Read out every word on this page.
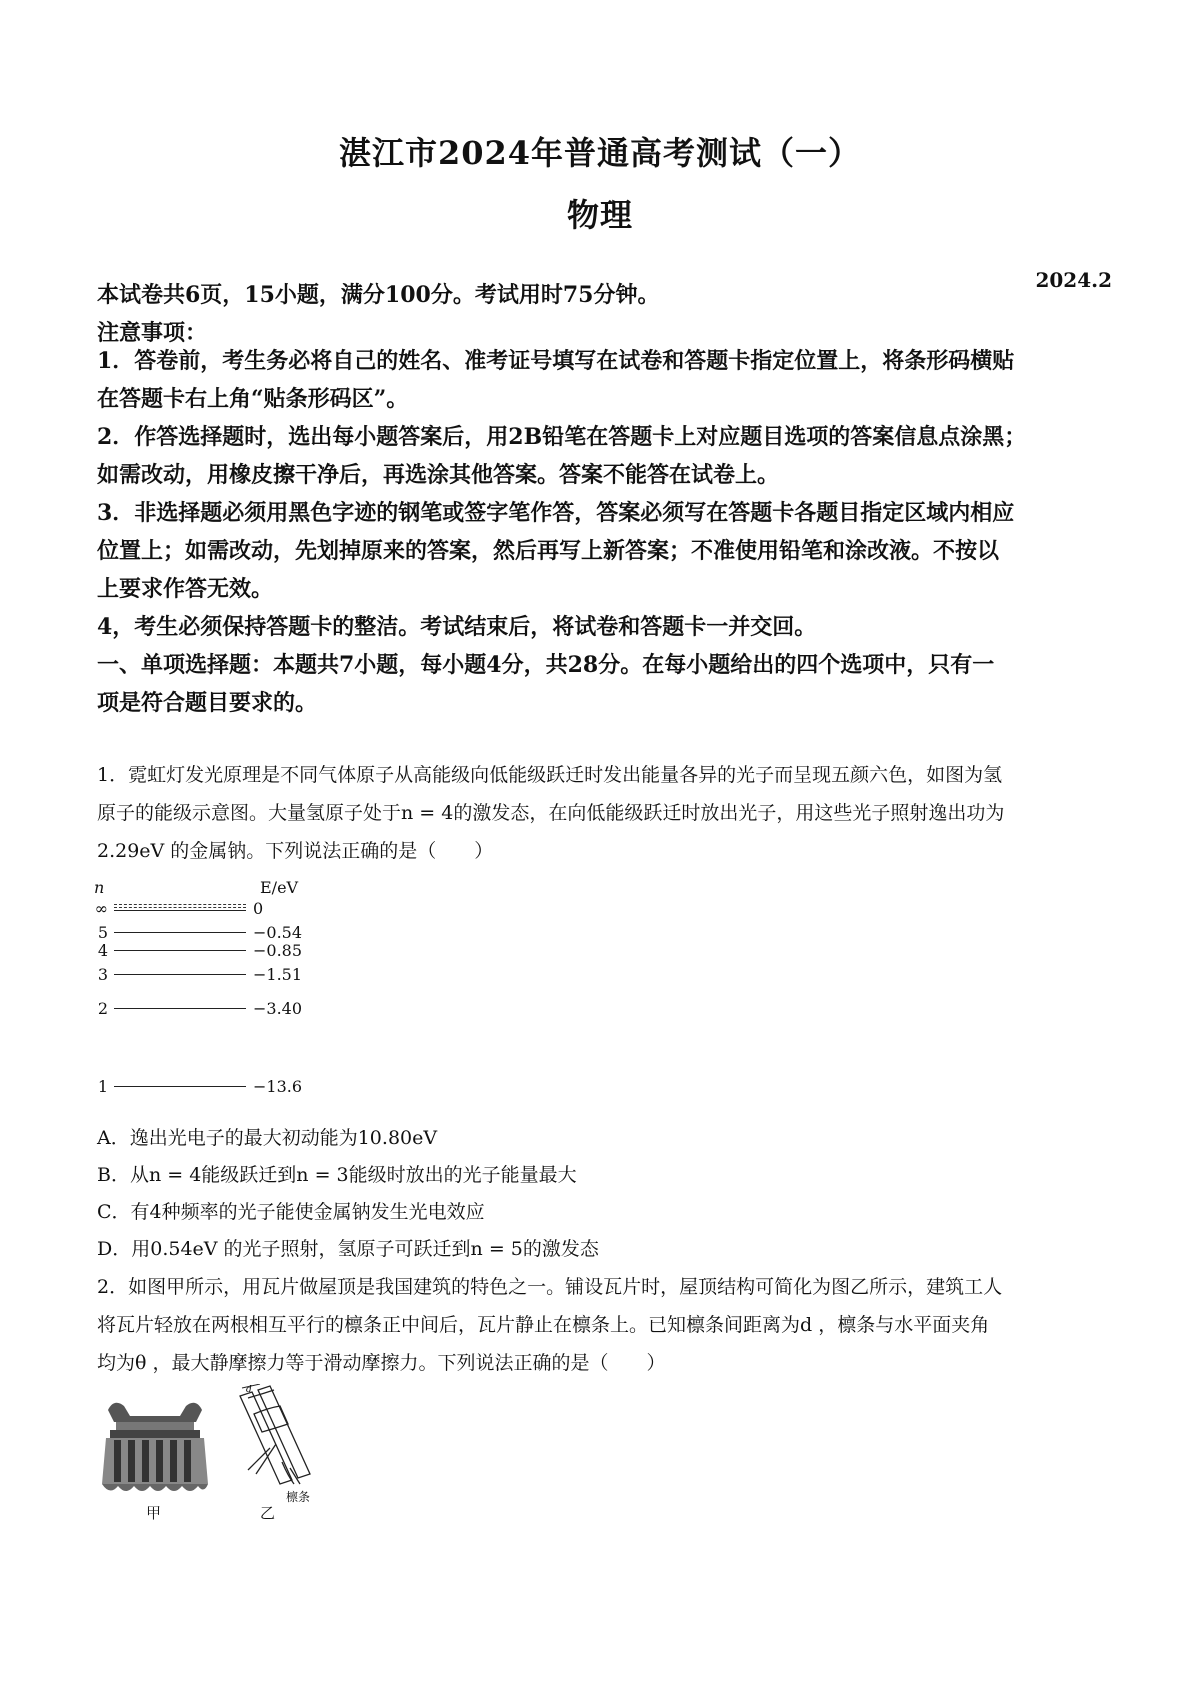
湛江市2024年普通高考测试（一）
物理
2024.2
本试卷共6页，15小题，满分100分。考试用时75分钟。
注意事项：
1．答卷前，考生务必将自己的姓名、准考证号填写在试卷和答题卡指定位置上，将条形码横贴
在答题卡右上角“贴条形码区”。
2．作答选择题时，选出每小题答案后，用2B铅笔在答题卡上对应题目选项的答案信息点涂黑；
如需改动，用橡皮擦干净后，再选涂其他答案。答案不能答在试卷上。
3．非选择题必须用黑色字迹的钢笔或签字笔作答，答案必须写在答题卡各题目指定区域内相应
位置上；如需改动，先划掉原来的答案，然后再写上新答案；不准使用铅笔和涂改液。不按以
上要求作答无效。
4，考生必须保持答题卡的整洁。考试结束后，将试卷和答题卡一并交回。
一、单项选择题：本题共7小题，每小题4分，共28分。在每小题给出的四个选项中，只有一
项是符合题目要求的。
1．霓虹灯发光原理是不同气体原子从高能级向低能级跃迁时发出能量各异的光子而呈现五颜六色，如图为氢
原子的能级示意图。大量氢原子处于n = 4的激发态，在向低能级跃迁时放出光子，用这些光子照射逸出功为
2.29eV 的金属钠。下列说法正确的是（　　）
n	E/eV
∞	0
5	−0.54
4	−0.85
3	−1.51
2	−3.40
1	−13.6
A．逸出光电子的最大初动能为10.80eV
B．从n = 4能级跃迁到n = 3能级时放出的光子能量最大
C．有4种频率的光子能使金属钠发生光电效应
D．用0.54eV 的光子照射，氢原子可跃迁到n = 5的激发态
2．如图甲所示，用瓦片做屋顶是我国建筑的特色之一。铺设瓦片时，屋顶结构可简化为图乙所示，建筑工人
将瓦片轻放在两根相互平行的檩条正中间后，瓦片静止在檩条上。已知檩条间距离为d ，檩条与水平面夹角
均为θ ，最大静摩擦力等于滑动摩擦力。下列说法正确的是（　　）
甲
d
乙
檩条
